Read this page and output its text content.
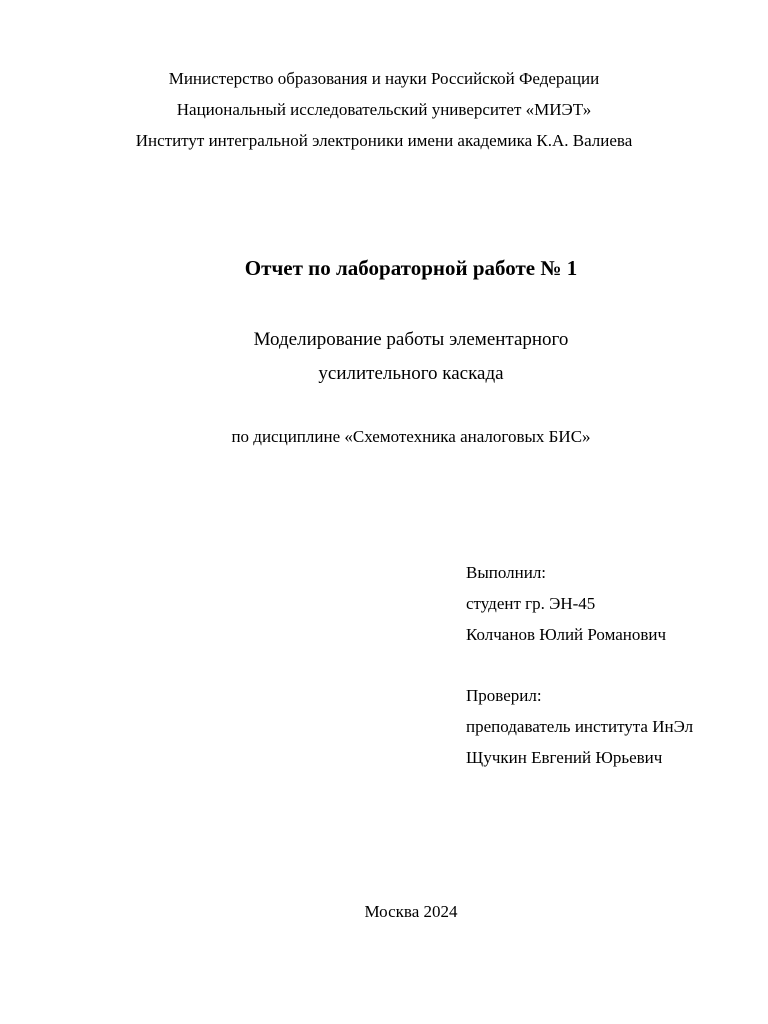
Министерство образования и науки Российской Федерации
Национальный исследовательский университет «МИЭТ»
Институт интегральной электроники имени академика К.А. Валиева
Отчет по лабораторной работе № 1
Моделирование работы элементарного
усилительного каскада
по дисциплине «Схемотехника аналоговых БИС»
Выполнил:
студент гр. ЭН-45
Колчанов Юлий Романович
Проверил:
преподаватель института ИнЭл
Щучкин Евгений Юрьевич
Москва 2024
